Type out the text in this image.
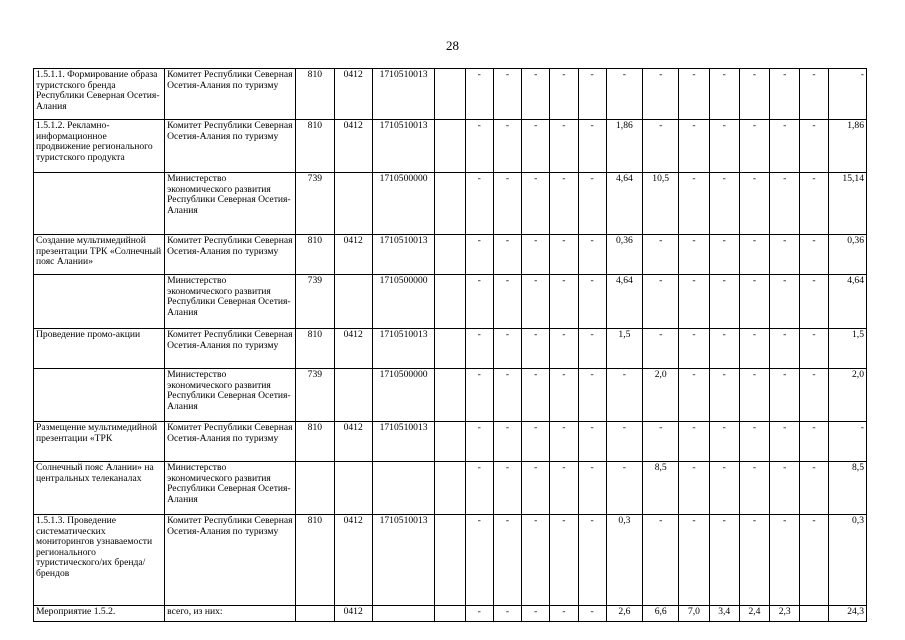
28
1.5.1.1. Формирование образа туристского бренда Республики Северная Осетия-Алания	Комитет Республики Северная Осетия-Алания по туризму	810	0412	1710510013		-	-	-	-	-	-	-	-	-	-	-	-	-
1.5.1.2. Рекламно-информационное продвижение регионального туристского продукта	Комитет Республики Северная Осетия-Алания по туризму	810	0412	1710510013		-	-	-	-	-	1,86	-	-	-	-	-	-	1,86
	Министерство экономического развития Республики Северная Осетия-Алания	739		1710500000		-	-	-	-	-	4,64	10,5	-	-	-	-	-	15,14
Создание мультимедийной презентации ТРК «Солнечный пояс Алании»	Комитет Республики Северная Осетия-Алания по туризму	810	0412	1710510013		-	-	-	-	-	0,36	-	-	-	-	-	-	0,36
	Министерство экономического развития Республики Северная Осетия-Алания	739		1710500000		-	-	-	-	-	4,64	-	-	-	-	-	-	4,64
Проведение промо-акции	Комитет Республики Северная Осетия-Алания по туризму	810	0412	1710510013		-	-	-	-	-	1,5	-	-	-	-	-	-	1,5
	Министерство экономического развития Республики Северная Осетия-Алания	739		1710500000		-	-	-	-	-	-	2,0	-	-	-	-	-	2,0
Размещение мультимедийной презентации «ТРК	Комитет Республики Северная Осетия-Алания по туризму	810	0412	1710510013		-	-	-	-	-	-	-	-	-	-	-	-	-
Солнечный пояс Алании» на центральных телеканалах	Министерство экономического развития Республики Северная Осетия-Алания					-	-	-	-	-	-	8,5	-	-	-	-	-	8,5
1.5.1.3. Проведение систематических мониторингов узнаваемости регионального туристического/их бренда/брендов	Комитет Республики Северная Осетия-Алания по туризму	810	0412	1710510013		-	-	-	-	-	0,3	-	-	-	-	-	-	0,3
Мероприятие 1.5.2.	всего, из них:		0412			-	-	-	-	-	2,6	6,6	7,0	3,4	2,4	2,3		24,3
